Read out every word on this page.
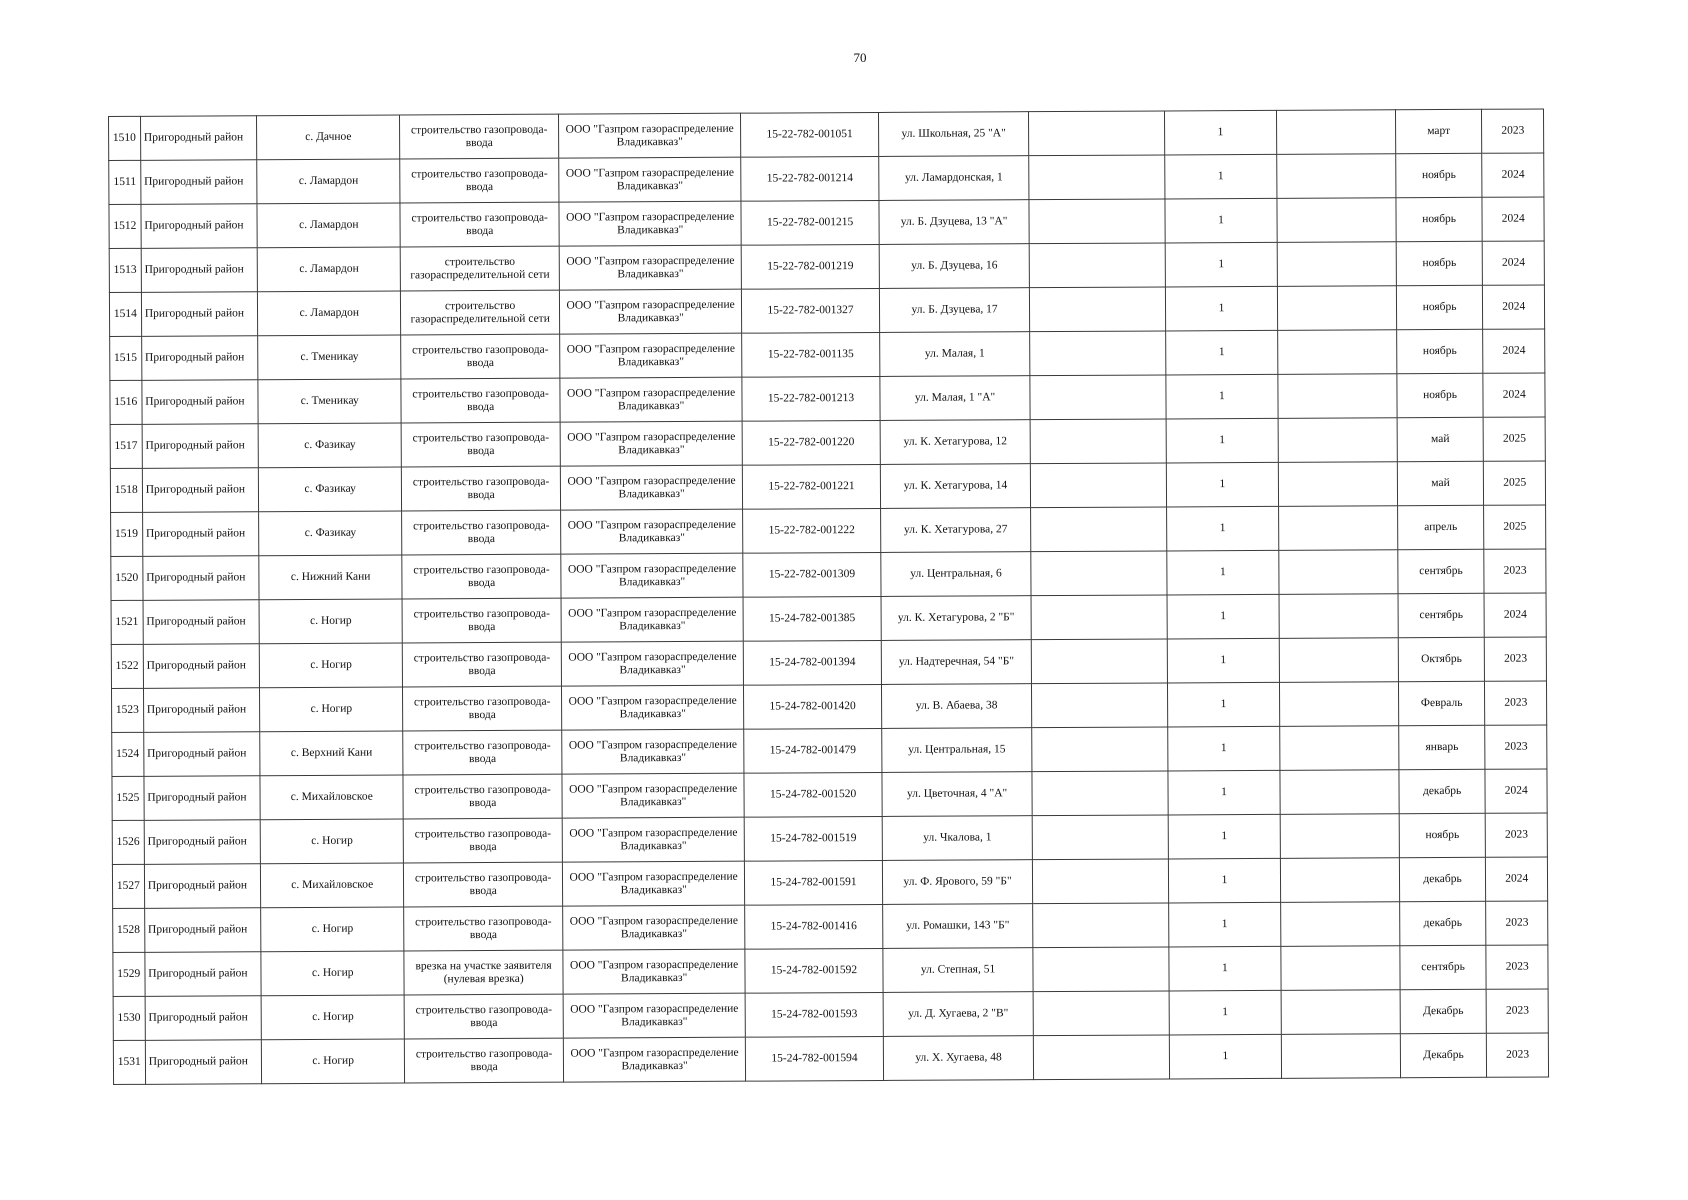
70
1510	Пригородный район	с. Дачное	строительство газопровода-ввода	ООО "Газпром газораспределение Владикавказ"	15-22-782-001051	ул. Школьная, 25 "А"		1		март	2023
1511	Пригородный район	с. Ламардон	строительство газопровода-ввода	ООО "Газпром газораспределение Владикавказ"	15-22-782-001214	ул. Ламардонская, 1		1		ноябрь	2024
1512	Пригородный район	с. Ламардон	строительство газопровода-ввода	ООО "Газпром газораспределение Владикавказ"	15-22-782-001215	ул. Б. Дзуцева, 13 "А"		1		ноябрь	2024
1513	Пригородный район	с. Ламардон	строительство газораспределительной сети	ООО "Газпром газораспределение Владикавказ"	15-22-782-001219	ул. Б. Дзуцева, 16		1		ноябрь	2024
1514	Пригородный район	с. Ламардон	строительство газораспределительной сети	ООО "Газпром газораспределение Владикавказ"	15-22-782-001327	ул. Б. Дзуцева, 17		1		ноябрь	2024
1515	Пригородный район	с. Тменикау	строительство газопровода-ввода	ООО "Газпром газораспределение Владикавказ"	15-22-782-001135	ул. Малая, 1		1		ноябрь	2024
1516	Пригородный район	с. Тменикау	строительство газопровода-ввода	ООО "Газпром газораспределение Владикавказ"	15-22-782-001213	ул. Малая, 1 "А"		1		ноябрь	2024
1517	Пригородный район	с. Фазикау	строительство газопровода-ввода	ООО "Газпром газораспределение Владикавказ"	15-22-782-001220	ул. К. Хетагурова, 12		1		май	2025
1518	Пригородный район	с. Фазикау	строительство газопровода-ввода	ООО "Газпром газораспределение Владикавказ"	15-22-782-001221	ул. К. Хетагурова, 14		1		май	2025
1519	Пригородный район	с. Фазикау	строительство газопровода-ввода	ООО "Газпром газораспределение Владикавказ"	15-22-782-001222	ул. К. Хетагурова, 27		1		апрель	2025
1520	Пригородный район	с. Нижний Кани	строительство газопровода-ввода	ООО "Газпром газораспределение Владикавказ"	15-22-782-001309	ул. Центральная, 6		1		сентябрь	2023
1521	Пригородный район	с. Ногир	строительство газопровода-ввода	ООО "Газпром газораспределение Владикавказ"	15-24-782-001385	ул. К. Хетагурова, 2 "Б"		1		сентябрь	2024
1522	Пригородный район	с. Ногир	строительство газопровода-ввода	ООО "Газпром газораспределение Владикавказ"	15-24-782-001394	ул. Надтеречная, 54 "Б"		1		Октябрь	2023
1523	Пригородный район	с. Ногир	строительство газопровода-ввода	ООО "Газпром газораспределение Владикавказ"	15-24-782-001420	ул. В. Абаева, 38		1		Февраль	2023
1524	Пригородный район	с. Верхний Кани	строительство газопровода-ввода	ООО "Газпром газораспределение Владикавказ"	15-24-782-001479	ул. Центральная, 15		1		январь	2023
1525	Пригородный район	с. Михайловское	строительство газопровода-ввода	ООО "Газпром газораспределение Владикавказ"	15-24-782-001520	ул. Цветочная, 4 "А"		1		декабрь	2024
1526	Пригородный район	с. Ногир	строительство газопровода-ввода	ООО "Газпром газораспределение Владикавказ"	15-24-782-001519	ул. Чкалова, 1		1		ноябрь	2023
1527	Пригородный район	с. Михайловское	строительство газопровода-ввода	ООО "Газпром газораспределение Владикавказ"	15-24-782-001591	ул. Ф. Ярового, 59 "Б"		1		декабрь	2024
1528	Пригородный район	с. Ногир	строительство газопровода-ввода	ООО "Газпром газораспределение Владикавказ"	15-24-782-001416	ул. Ромашки, 143 "Б"		1		декабрь	2023
1529	Пригородный район	с. Ногир	врезка на участке заявителя (нулевая врезка)	ООО "Газпром газораспределение Владикавказ"	15-24-782-001592	ул. Степная, 51		1		сентябрь	2023
1530	Пригородный район	с. Ногир	строительство газопровода-ввода	ООО "Газпром газораспределение Владикавказ"	15-24-782-001593	ул. Д. Хугаева, 2 "В"		1		Декабрь	2023
1531	Пригородный район	с. Ногир	строительство газопровода-ввода	ООО "Газпром газораспределение Владикавказ"	15-24-782-001594	ул. Х. Хугаева, 48		1		Декабрь	2023
